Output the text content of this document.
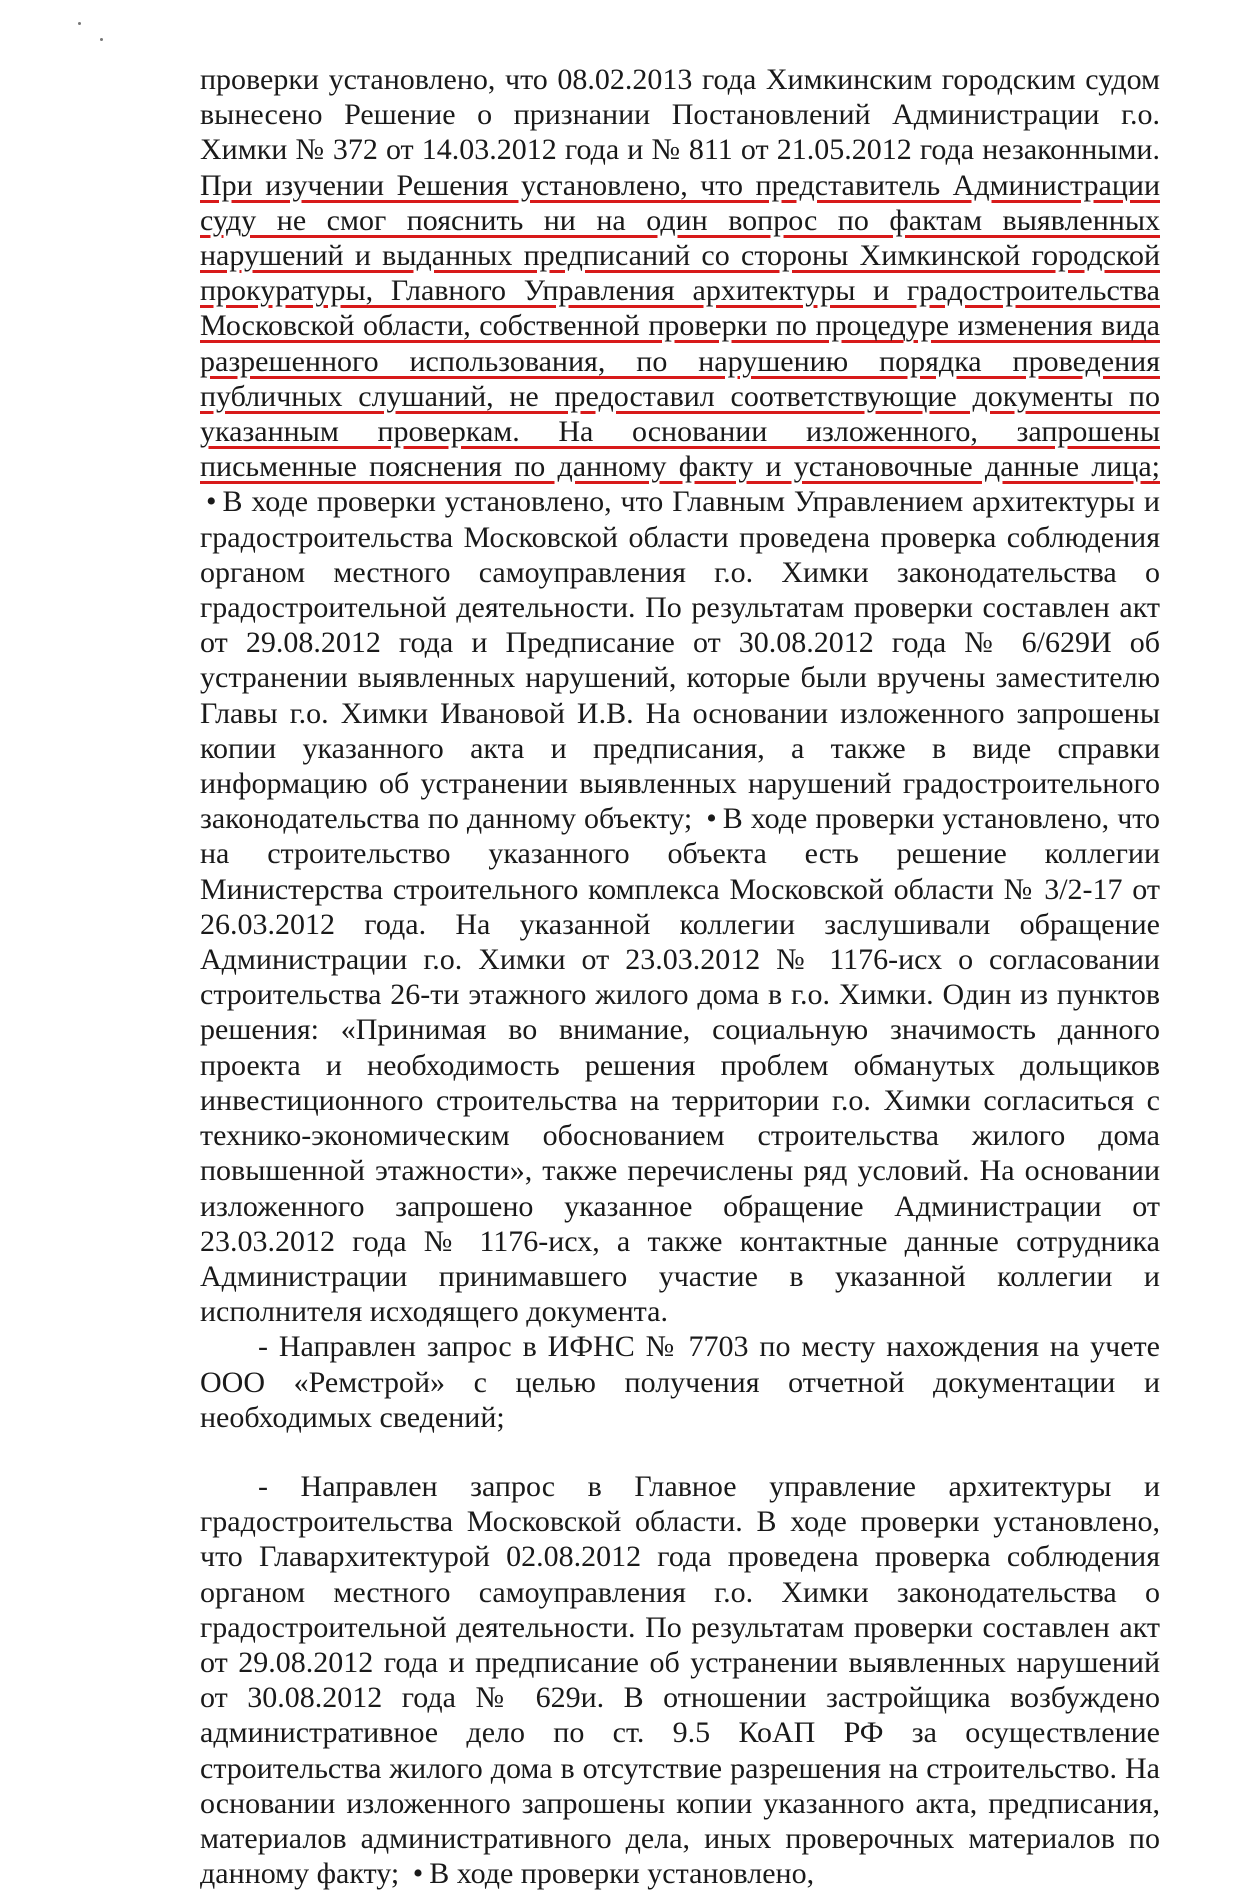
проверки установлено, что 08.02.2013 года Химкинским городским судом вынесено Решение о признании Постановлений Администрации г.о. Химки № 372 от 14.03.2012 года и № 811 от 21.05.2012 года незаконными. При изучении Решения установлено, что представитель Администрации суду не смог пояснить ни на один вопрос по фактам выявленных нарушений и выданных предписаний со стороны Химкинской городской прокуратуры, Главного Управления архитектуры и градостроительства Московской области, собственной проверки по процедуре изменения вида разрешенного использования, по нарушению порядка проведения публичных слушаний, не предоставил соответствующие документы по указанным проверкам. На основании изложенного, запрошены письменные пояснения по данному факту и установочные данные лица; • В ходе проверки установлено, что Главным Управлением архитектуры и градостроительства Московской области проведена проверка соблюдения органом местного самоуправления г.о. Химки законодательства о градостроительной деятельности. По результатам проверки составлен акт от 29.08.2012 года и Предписание от 30.08.2012 года № 6/629И об устранении выявленных нарушений, которые были вручены заместителю Главы г.о. Химки Ивановой И.В. На основании изложенного запрошены копии указанного акта и предписания, а также в виде справки информацию об устранении выявленных нарушений градостроительного законодательства по данному объекту; • В ходе проверки установлено, что на строительство указанного объекта есть решение коллегии Министерства строительного комплекса Московской области № 3/2-17 от 26.03.2012 года. На указанной коллегии заслушивали обращение Администрации г.о. Химки от 23.03.2012 № 1176-исх о согласовании строительства 26-ти этажного жилого дома в г.о. Химки. Один из пунктов решения: «Принимая во внимание, социальную значимость данного проекта и необходимость решения проблем обманутых дольщиков инвестиционного строительства на территории г.о. Химки согласиться с технико-экономическим обоснованием строительства жилого дома повышенной этажности», также перечислены ряд условий. На основании изложенного запрошено указанное обращение Администрации от 23.03.2012 года № 1176-исх, а также контактные данные сотрудника Администрации принимавшего участие в указанной коллегии и исполнителя исходящего документа.

- Направлен запрос в ИФНС № 7703 по месту нахождения на учете ООО «Ремстрой» с целью получения отчетной документации и необходимых сведений;

- Направлен запрос в Главное управление архитектуры и градостроительства Московской области. В ходе проверки установлено, что Главархитектурой 02.08.2012 года проведена проверка соблюдения органом местного самоуправления г.о. Химки законодательства о градостроительной деятельности. По результатам проверки составлен акт от 29.08.2012 года и предписание об устранении выявленных нарушений от 30.08.2012 года № 629и. В отношении застройщика возбуждено административное дело по ст. 9.5 КоАП РФ за осуществление строительства жилого дома в отсутствие разрешения на строительство. На основании изложенного запрошены копии указанного акта, предписания, материалов административного дела, иных проверочных материалов по данному факту; • В ходе проверки установлено,
